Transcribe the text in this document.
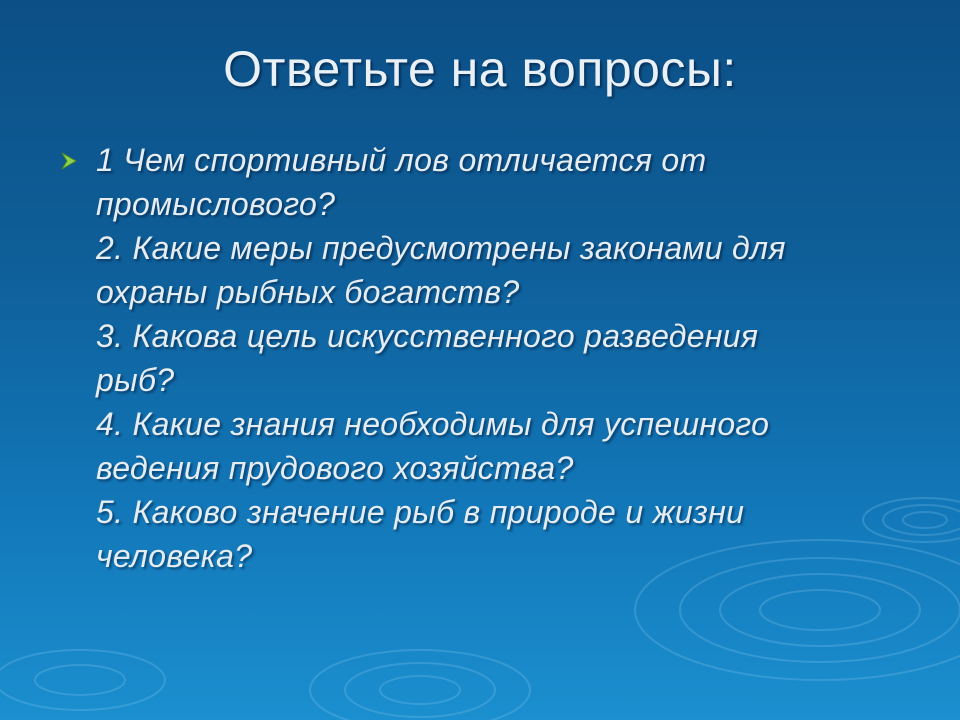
Ответьте на вопросы:
1 Чем спортивный лов отличается от
промыслового?
2. Какие меры предусмотрены законами для
охраны рыбных богатств?
3. Какова цель искусственного разведения
рыб?
4. Какие знания необходимы для успешного
ведения прудового хозяйства?
5. Каково значение рыб в природе и жизни
человека?
